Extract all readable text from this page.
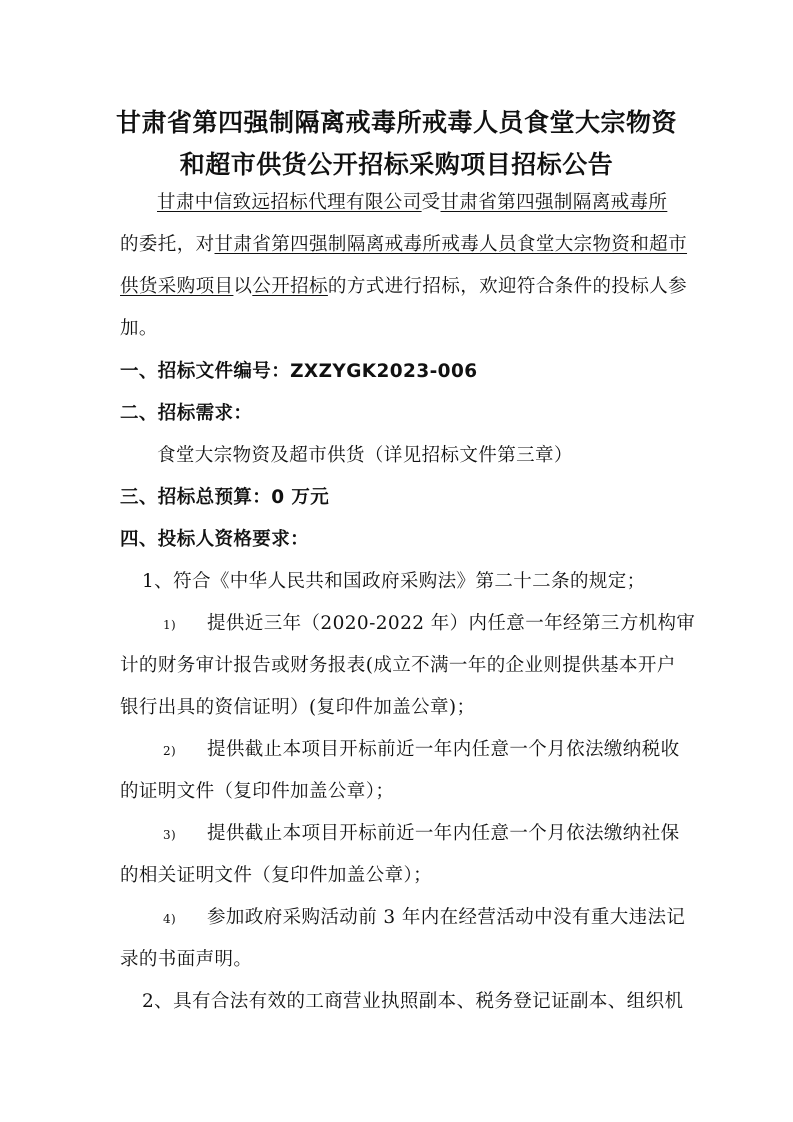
甘肃省第四强制隔离戒毒所戒毒人员食堂大宗物资
和超市供货公开招标采购项目招标公告
甘肃中信致远招标代理有限公司受甘肃省第四强制隔离戒毒所
的委托，对甘肃省第四强制隔离戒毒所戒毒人员食堂大宗物资和超市
供货采购项目以公开招标的方式进行招标，欢迎符合条件的投标人参
加。
一、招标文件编号：ZXZYGK2023-006
二、招标需求：
食堂大宗物资及超市供货（详见招标文件第三章）
三、招标总预算：0 万元
四、投标人资格要求：
1、符合《中华人民共和国政府采购法》第二十二条的规定；
1) 提供近三年（2020-2022 年）内任意一年经第三方机构审
计的财务审计报告或财务报表(成立不满一年的企业则提供基本开户
银行出具的资信证明）(复印件加盖公章)；
2) 提供截止本项目开标前近一年内任意一个月依法缴纳税收
的证明文件（复印件加盖公章）；
3) 提供截止本项目开标前近一年内任意一个月依法缴纳社保
的相关证明文件（复印件加盖公章）；
4) 参加政府采购活动前 3 年内在经营活动中没有重大违法记
录的书面声明。
2、具有合法有效的工商营业执照副本、税务登记证副本、组织机
